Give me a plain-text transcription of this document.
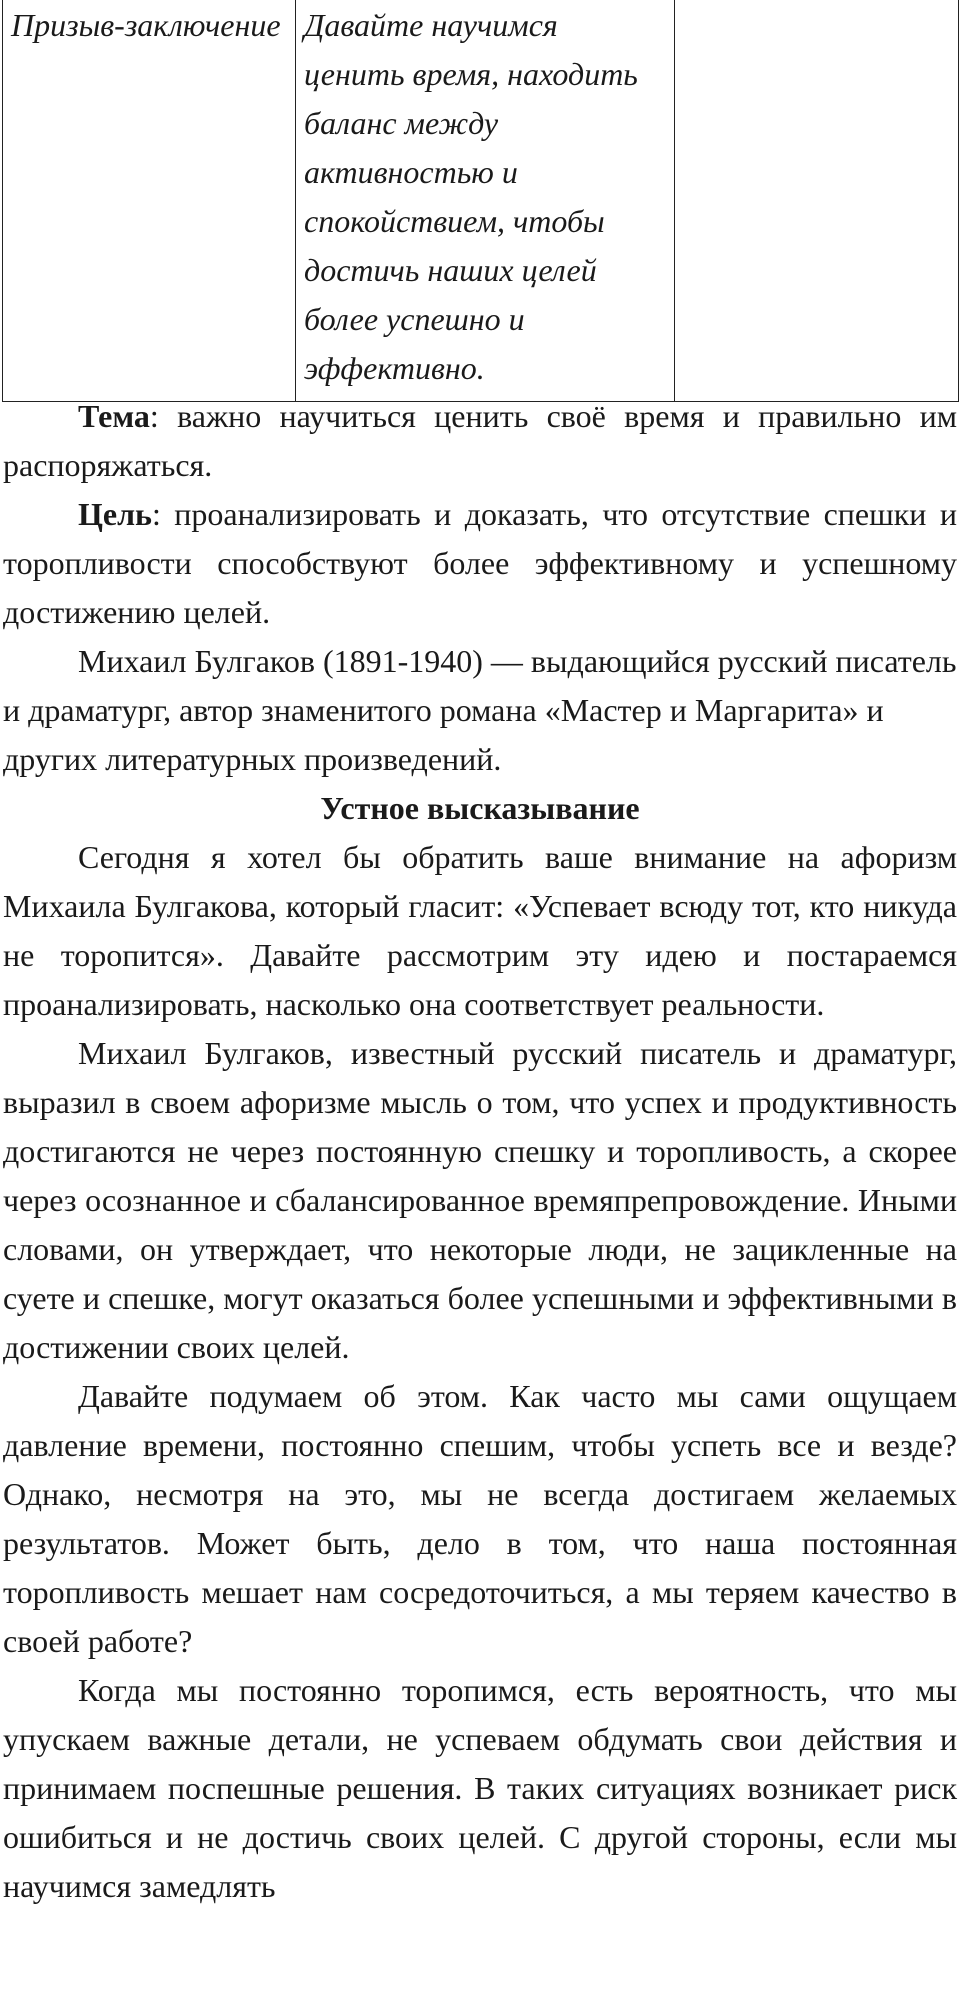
Призыв-заключение	Давайте научимся ценить время, находить баланс между активностью и спокойствием, чтобы достичь наших целей более успешно и эффективно.	

Тема: важно научиться ценить своё время и правильно им распоряжаться.

Цель: проанализировать и доказать, что отсутствие спешки и торопливости способствуют более эффективному и успешному достижению целей.

Михаил Булгаков (1891-1940) — выдающийся русский писатель и драматург, автор знаменитого романа «Мастер и Маргарита» и других литературных произведений.

Устное высказывание

Сегодня я хотел бы обратить ваше внимание на афоризм Михаила Булгакова, который гласит: «Успевает всюду тот, кто никуда не торопится». Давайте рассмотрим эту идею и постараемся проанализировать, насколько она соответствует реальности.

Михаил Булгаков, известный русский писатель и драматург, выразил в своем афоризме мысль о том, что успех и продуктивность достигаются не через постоянную спешку и торопливость, а скорее через осознанное и сбалансированное времяпрепровождение. Иными словами, он утверждает, что некоторые люди, не зацикленные на суете и спешке, могут оказаться более успешными и эффективными в достижении своих целей.

Давайте подумаем об этом. Как часто мы сами ощущаем давление времени, постоянно спешим, чтобы успеть все и везде? Однако, несмотря на это, мы не всегда достигаем желаемых результатов. Может быть, дело в том, что наша постоянная торопливость мешает нам сосредоточиться, а мы теряем качество в своей работе?

Когда мы постоянно торопимся, есть вероятность, что мы упускаем важные детали, не успеваем обдумать свои действия и принимаем поспешные решения. В таких ситуациях возникает риск ошибиться и не достичь своих целей. С другой стороны, если мы научимся замедлять
